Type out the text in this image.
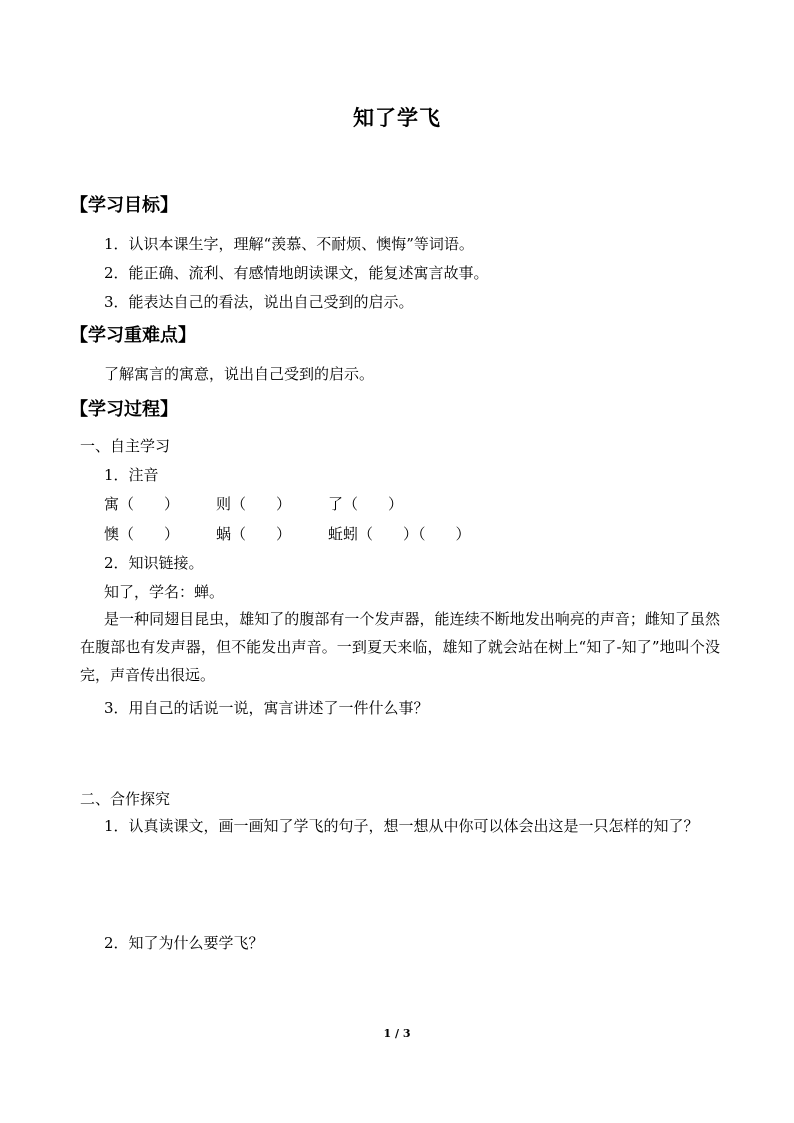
知了学飞
【学习目标】
1．认识本课生字，理解“羡慕、不耐烦、懊悔”等词语。
2．能正确、流利、有感情地朗读课文，能复述寓言故事。
3．能表达自己的看法，说出自己受到的启示。
【学习重难点】
了解寓言的寓意，说出自己受到的启示。
【学习过程】
一、自主学习
1．注音
寓（　　） 则（　　） 了（　　）
懊（　　） 蜗（　　） 蚯蚓（　　）（　　）
2．知识链接。
知了，学名：蝉。
是一种同翅目昆虫，雄知了的腹部有一个发声器，能连续不断地发出响亮的声音；雌知了虽然在腹部也有发声器，但不能发出声音。一到夏天来临，雄知了就会站在树上“知了-知了”地叫个没完，声音传出很远。
3．用自己的话说一说，寓言讲述了一件什么事？
二、合作探究
1．认真读课文，画一画知了学飞的句子，想一想从中你可以体会出这是一只怎样的知了？
2．知了为什么要学飞？
1 / 3
